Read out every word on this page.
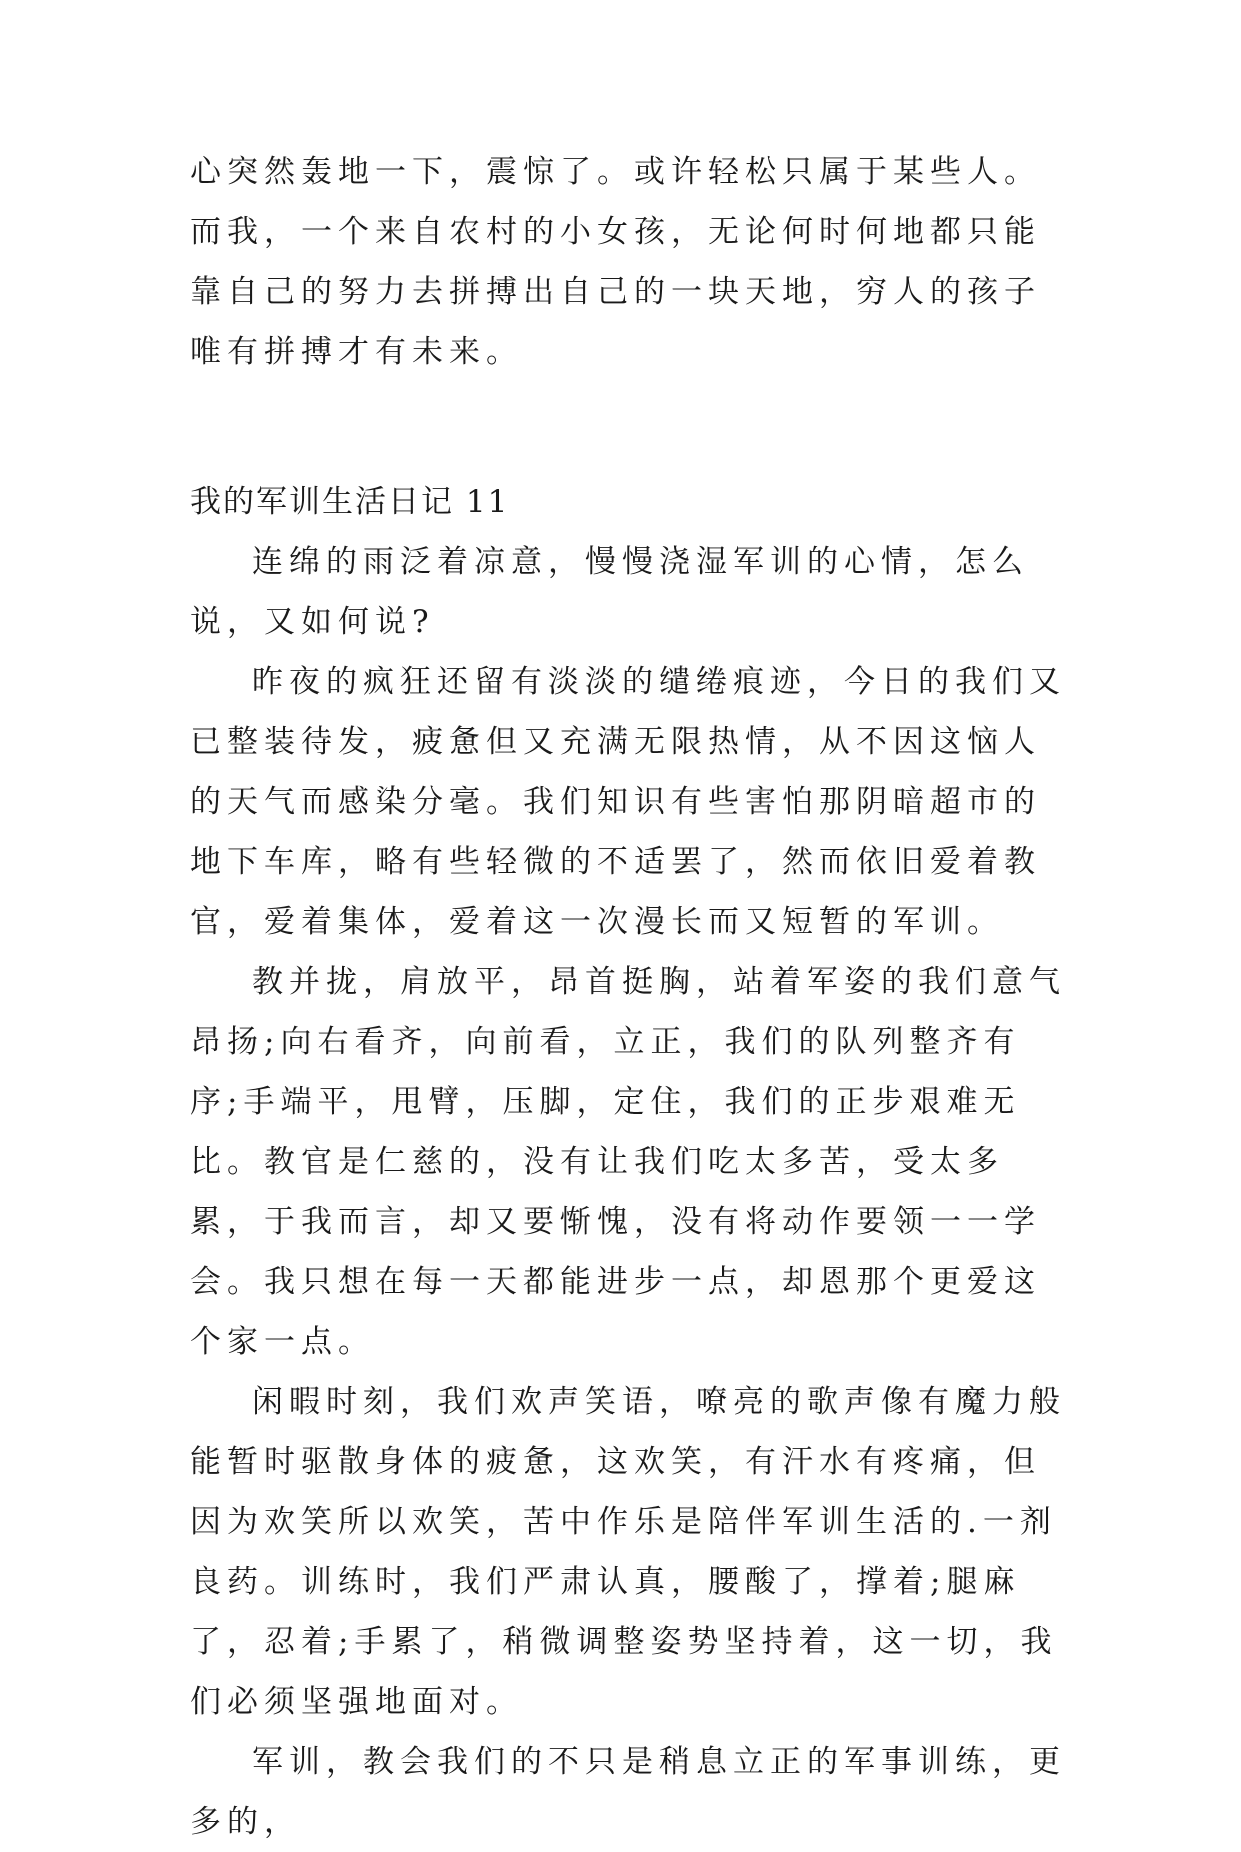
心突然轰地一下，震惊了。或许轻松只属于某些人。而我，一个来自农村的小女孩，无论何时何地都只能靠自己的努力去拼搏出自己的一块天地，穷人的孩子唯有拼搏才有未来。

我的军训生活日记 11

连绵的雨泛着凉意，慢慢浇湿军训的心情，怎么说，又如何说?

昨夜的疯狂还留有淡淡的缱绻痕迹，今日的我们又已整装待发，疲惫但又充满无限热情，从不因这恼人的天气而感染分毫。我们知识有些害怕那阴暗超市的地下车库，略有些轻微的不适罢了，然而依旧爱着教官，爱着集体，爱着这一次漫长而又短暂的军训。

教并拢，肩放平，昂首挺胸，站着军姿的我们意气昂扬;向右看齐，向前看，立正，我们的队列整齐有序;手端平，甩臂，压脚，定住，我们的正步艰难无比。教官是仁慈的，没有让我们吃太多苦，受太多累，于我而言，却又要惭愧，没有将动作要领一一学会。我只想在每一天都能进步一点，却恩那个更爱这个家一点。

闲暇时刻，我们欢声笑语，嘹亮的歌声像有魔力般能暂时驱散身体的疲惫，这欢笑，有汗水有疼痛，但因为欢笑所以欢笑，苦中作乐是陪伴军训生活的.一剂良药。训练时，我们严肃认真，腰酸了，撑着;腿麻了，忍着;手累了，稍微调整姿势坚持着，这一切，我们必须坚强地面对。

军训，教会我们的不只是稍息立正的军事训练，更多的，
